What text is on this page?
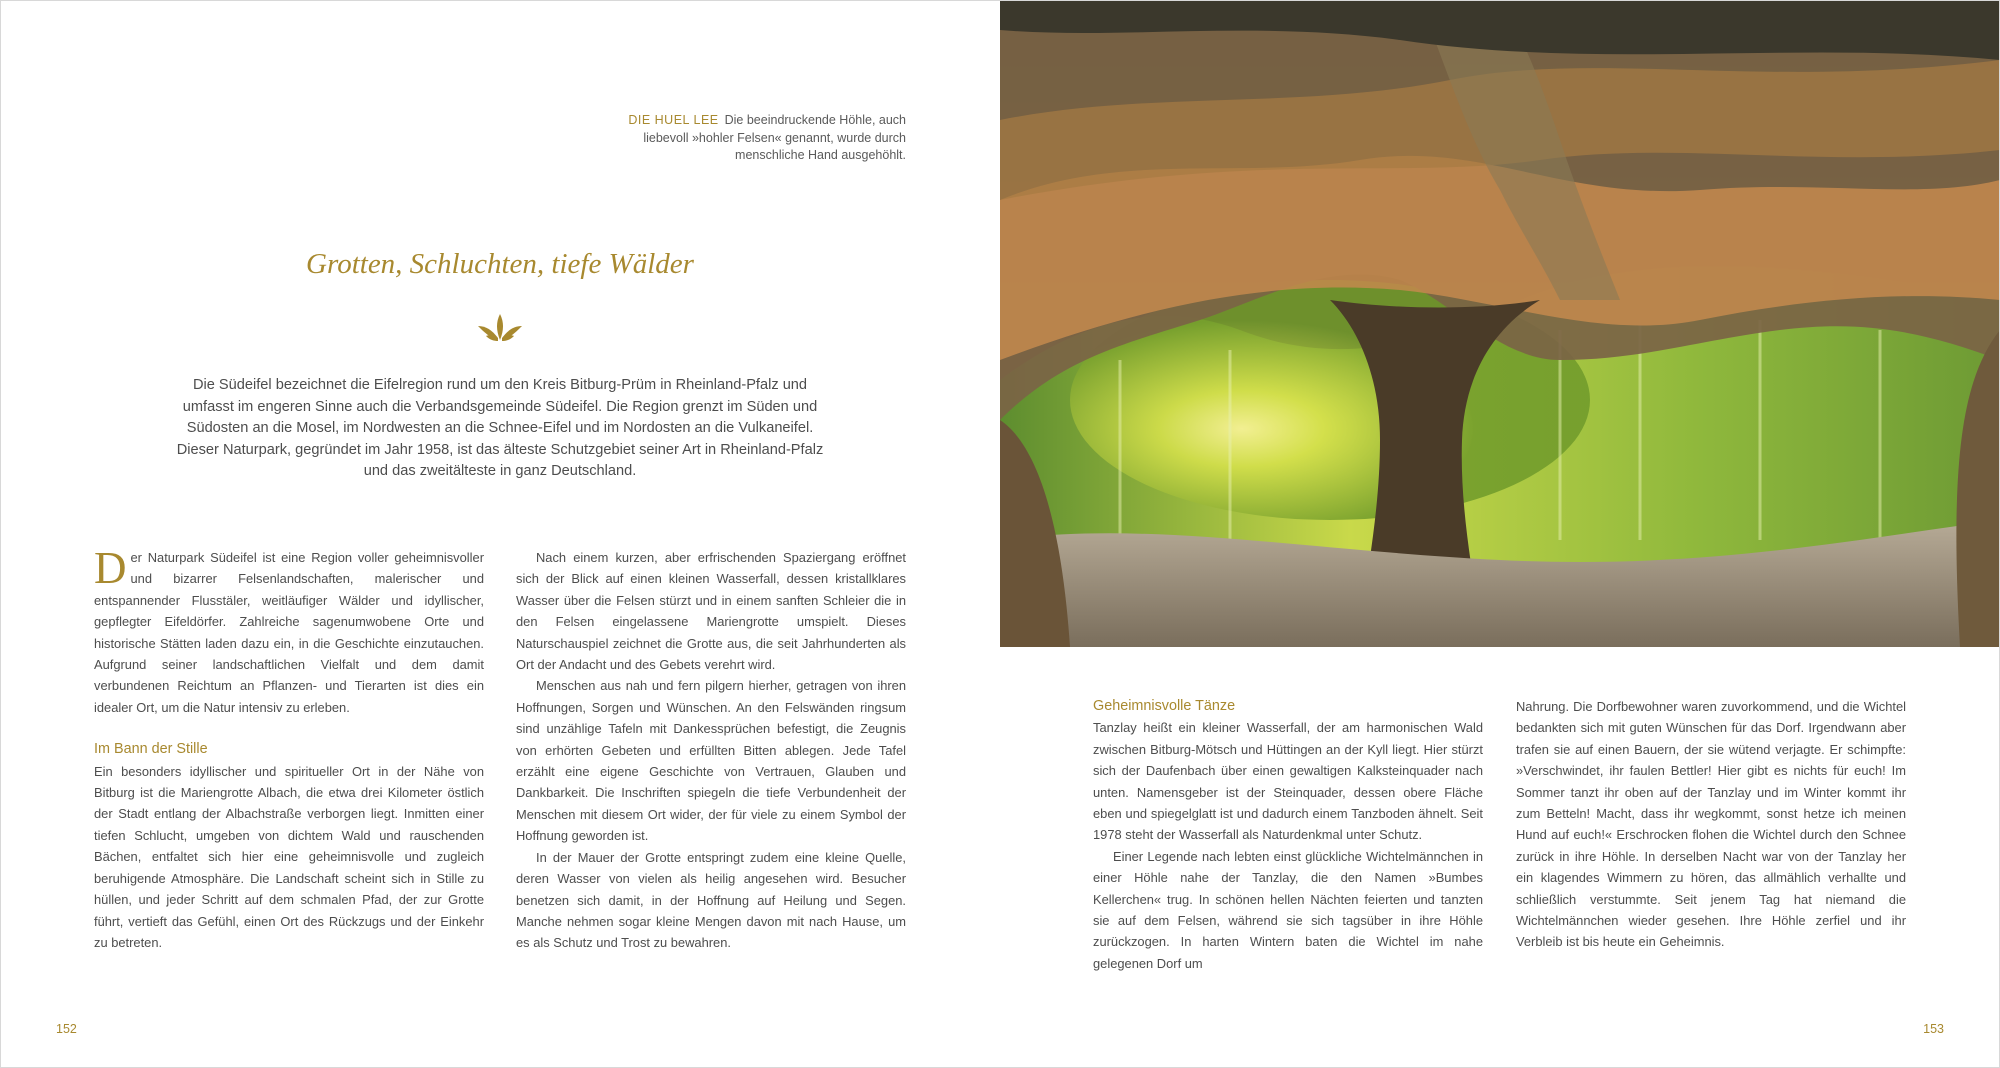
DIE HUEL LEE Die beeindruckende Höhle, auch liebevoll »hohler Felsen« genannt, wurde durch menschliche Hand ausgehöhlt.
Grotten, Schluchten, tiefe Wälder
Die Südeifel bezeichnet die Eifelregion rund um den Kreis Bitburg-Prüm in Rheinland-Pfalz und umfasst im engeren Sinne auch die Verbandsgemeinde Südeifel. Die Region grenzt im Süden und Südosten an die Mosel, im Nordwesten an die Schnee-Eifel und im Nordosten an die Vulkaneifel. Dieser Naturpark, gegründet im Jahr 1958, ist das älteste Schutzgebiet seiner Art in Rheinland-Pfalz und das zweitälteste in ganz Deutschland.

Der Naturpark Südeifel ist eine Region voller geheimnisvoller und bizarrer Felsenlandschaften, malerischer und entspannender Flusstäler, weitläufiger Wälder und idyllischer, gepflegter Eifeldörfer. Zahlreiche sagenumwobene Orte und historische Stätten laden dazu ein, in die Geschichte einzutauchen. Aufgrund seiner landschaftlichen Vielfalt und dem damit verbundenen Reichtum an Pflanzen- und Tierarten ist dies ein idealer Ort, um die Natur intensiv zu erleben.

Im Bann der Stille

Ein besonders idyllischer und spiritueller Ort in der Nähe von Bitburg ist die Mariengrotte Albach, die etwa drei Kilometer östlich der Stadt entlang der Albachstraße verborgen liegt. Inmitten einer tiefen Schlucht, umgeben von dichtem Wald und rauschenden Bächen, entfaltet sich hier eine geheimnisvolle und zugleich beruhigende Atmosphäre. Die Landschaft scheint sich in Stille zu hüllen, und jeder Schritt auf dem schmalen Pfad, der zur Grotte führt, vertieft das Gefühl, einen Ort des Rückzugs und der Einkehr zu betreten.

Nach einem kurzen, aber erfrischenden Spaziergang eröffnet sich der Blick auf einen kleinen Wasserfall, dessen kristallklares Wasser über die Felsen stürzt und in einem sanften Schleier die in den Felsen eingelassene Mariengrotte umspielt. Dieses Naturschauspiel zeichnet die Grotte aus, die seit Jahrhunderten als Ort der Andacht und des Gebets verehrt wird.

Menschen aus nah und fern pilgern hierher, getragen von ihren Hoffnungen, Sorgen und Wünschen. An den Felswänden ringsum sind unzählige Tafeln mit Dankessprüchen befestigt, die Zeugnis von erhörten Gebeten und erfüllten Bitten ablegen. Jede Tafel erzählt eine eigene Geschichte von Vertrauen, Glauben und Dankbarkeit. Die Inschriften spiegeln die tiefe Verbundenheit der Menschen mit diesem Ort wider, der für viele zu einem Symbol der Hoffnung geworden ist.

In der Mauer der Grotte entspringt zudem eine kleine Quelle, deren Wasser von vielen als heilig angesehen wird. Besucher benetzen sich damit, in der Hoffnung auf Heilung und Segen. Manche nehmen sogar kleine Mengen davon mit nach Hause, um es als Schutz und Trost zu bewahren.

Geheimnisvolle Tänze

Tanzlay heißt ein kleiner Wasserfall, der am harmonischen Wald zwischen Bitburg-Mötsch und Hüttingen an der Kyll liegt. Hier stürzt sich der Daufenbach über einen gewaltigen Kalksteinquader nach unten. Namensgeber ist der Steinquader, dessen obere Fläche eben und spiegelglatt ist und dadurch einem Tanzboden ähnelt. Seit 1978 steht der Wasserfall als Naturdenkmal unter Schutz.

Einer Legende nach lebten einst glückliche Wichtelmännchen in einer Höhle nahe der Tanzlay, die den Namen »Bumbes Kellerchen« trug. In schönen hellen Nächten feierten und tanzten sie auf dem Felsen, während sie sich tagsüber in ihre Höhle zurückzogen. In harten Wintern baten die Wichtel im nahe gelegenen Dorf um

Nahrung. Die Dorfbewohner waren zuvorkommend, und die Wichtel bedankten sich mit guten Wünschen für das Dorf. Irgendwann aber trafen sie auf einen Bauern, der sie wütend verjagte. Er schimpfte: »Verschwindet, ihr faulen Bettler! Hier gibt es nichts für euch! Im Sommer tanzt ihr oben auf der Tanzlay und im Winter kommt ihr zum Betteln! Macht, dass ihr wegkommt, sonst hetze ich meinen Hund auf euch!« Erschrocken flohen die Wichtel durch den Schnee zurück in ihre Höhle. In derselben Nacht war von der Tanzlay her ein klagendes Wimmern zu hören, das allmählich verhallte und schließlich verstummte. Seit jenem Tag hat niemand die Wichtelmännchen wieder gesehen. Ihre Höhle zerfiel und ihr Verbleib ist bis heute ein Geheimnis.

152	153
